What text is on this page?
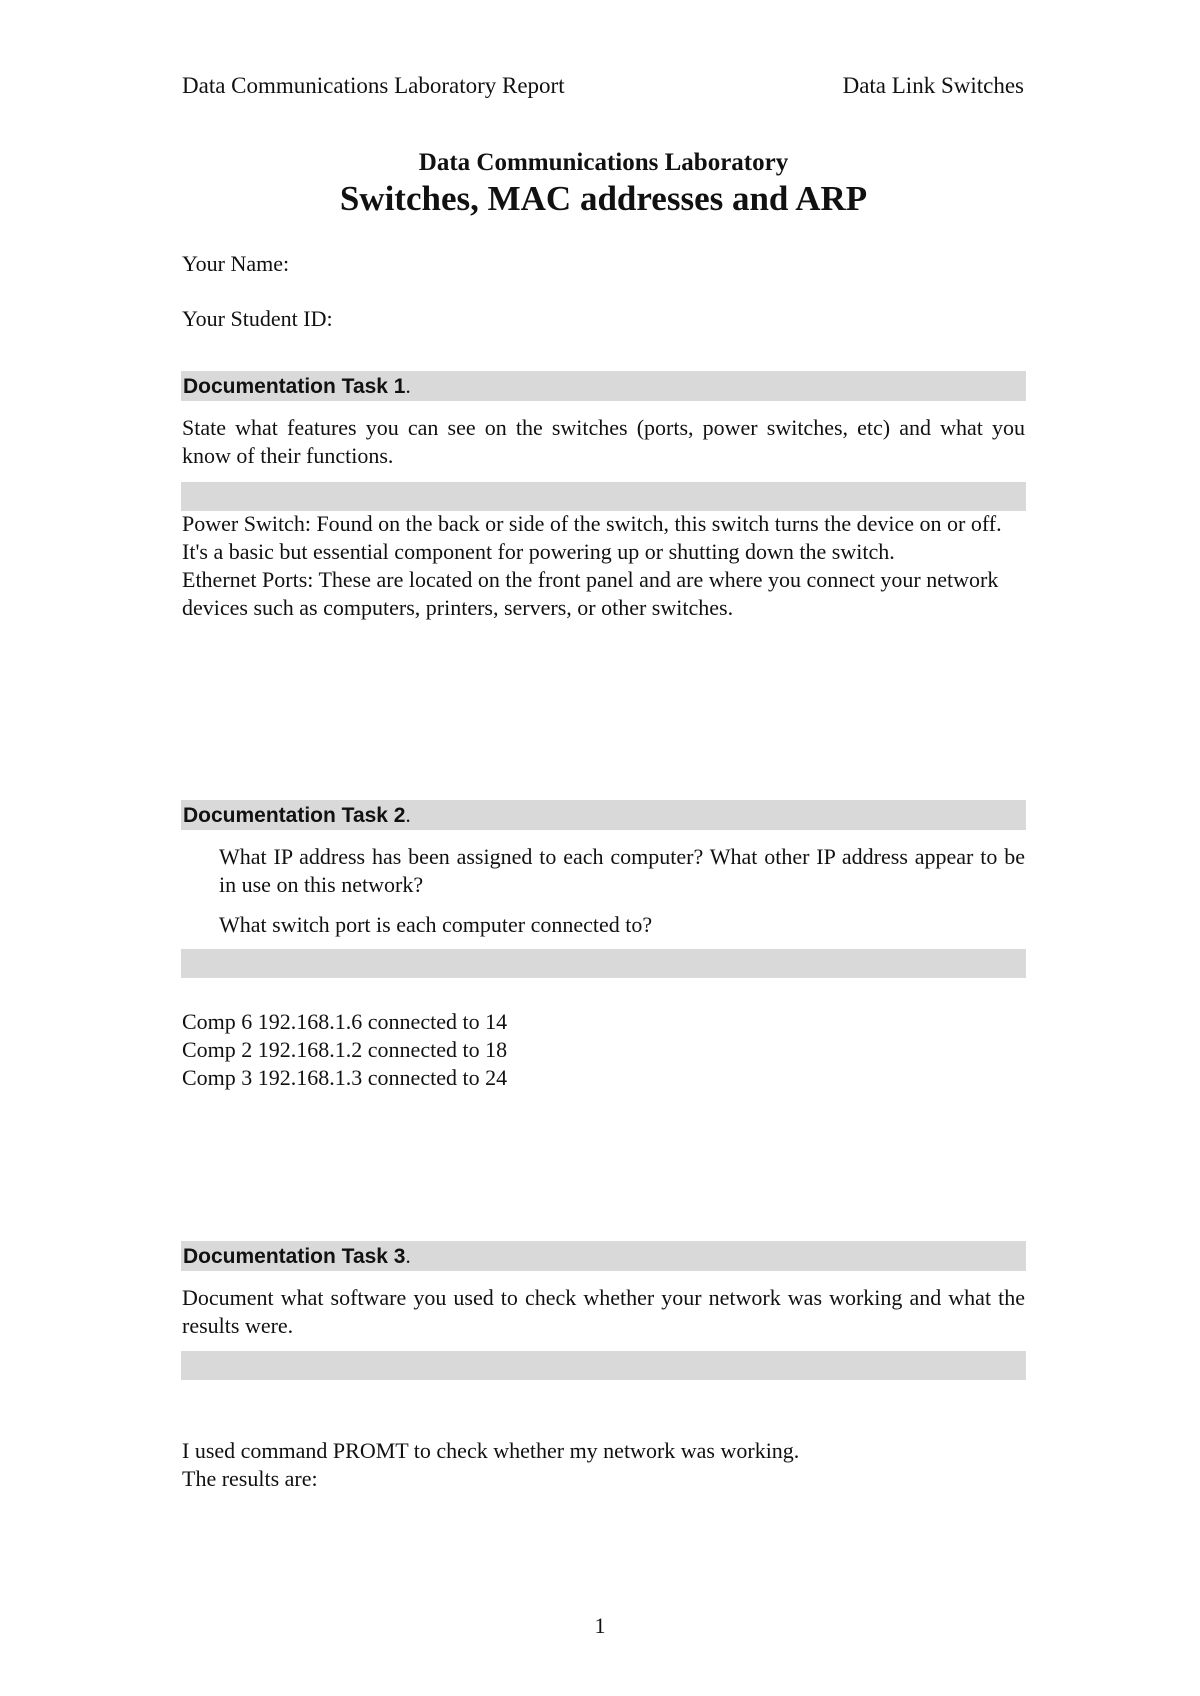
Data Communications Laboratory Report	Data Link Switches
Data Communications Laboratory
Switches, MAC addresses and ARP
Your Name:
Your Student ID:
Documentation Task 1.
State what features you can see on the switches (ports, power switches, etc) and what you know of their functions.

Power Switch: Found on the back or side of the switch, this switch turns the device on or off. It's a basic but essential component for powering up or shutting down the switch.

Ethernet Ports: These are located on the front panel and are where you connect your network devices such as computers, printers, servers, or other switches.

Documentation Task 2.
What IP address has been assigned to each computer? What other IP address appear to be in use on this network?
What switch port is each computer connected to?

Comp 6 192.168.1.6 connected to 14

Comp 2 192.168.1.2 connected to 18

Comp 3 192.168.1.3 connected to 24

Documentation Task 3.
Document what software you used to check whether your network was working and what the results were.

I used command PROMT to check whether my network was working.

The results are:

1
